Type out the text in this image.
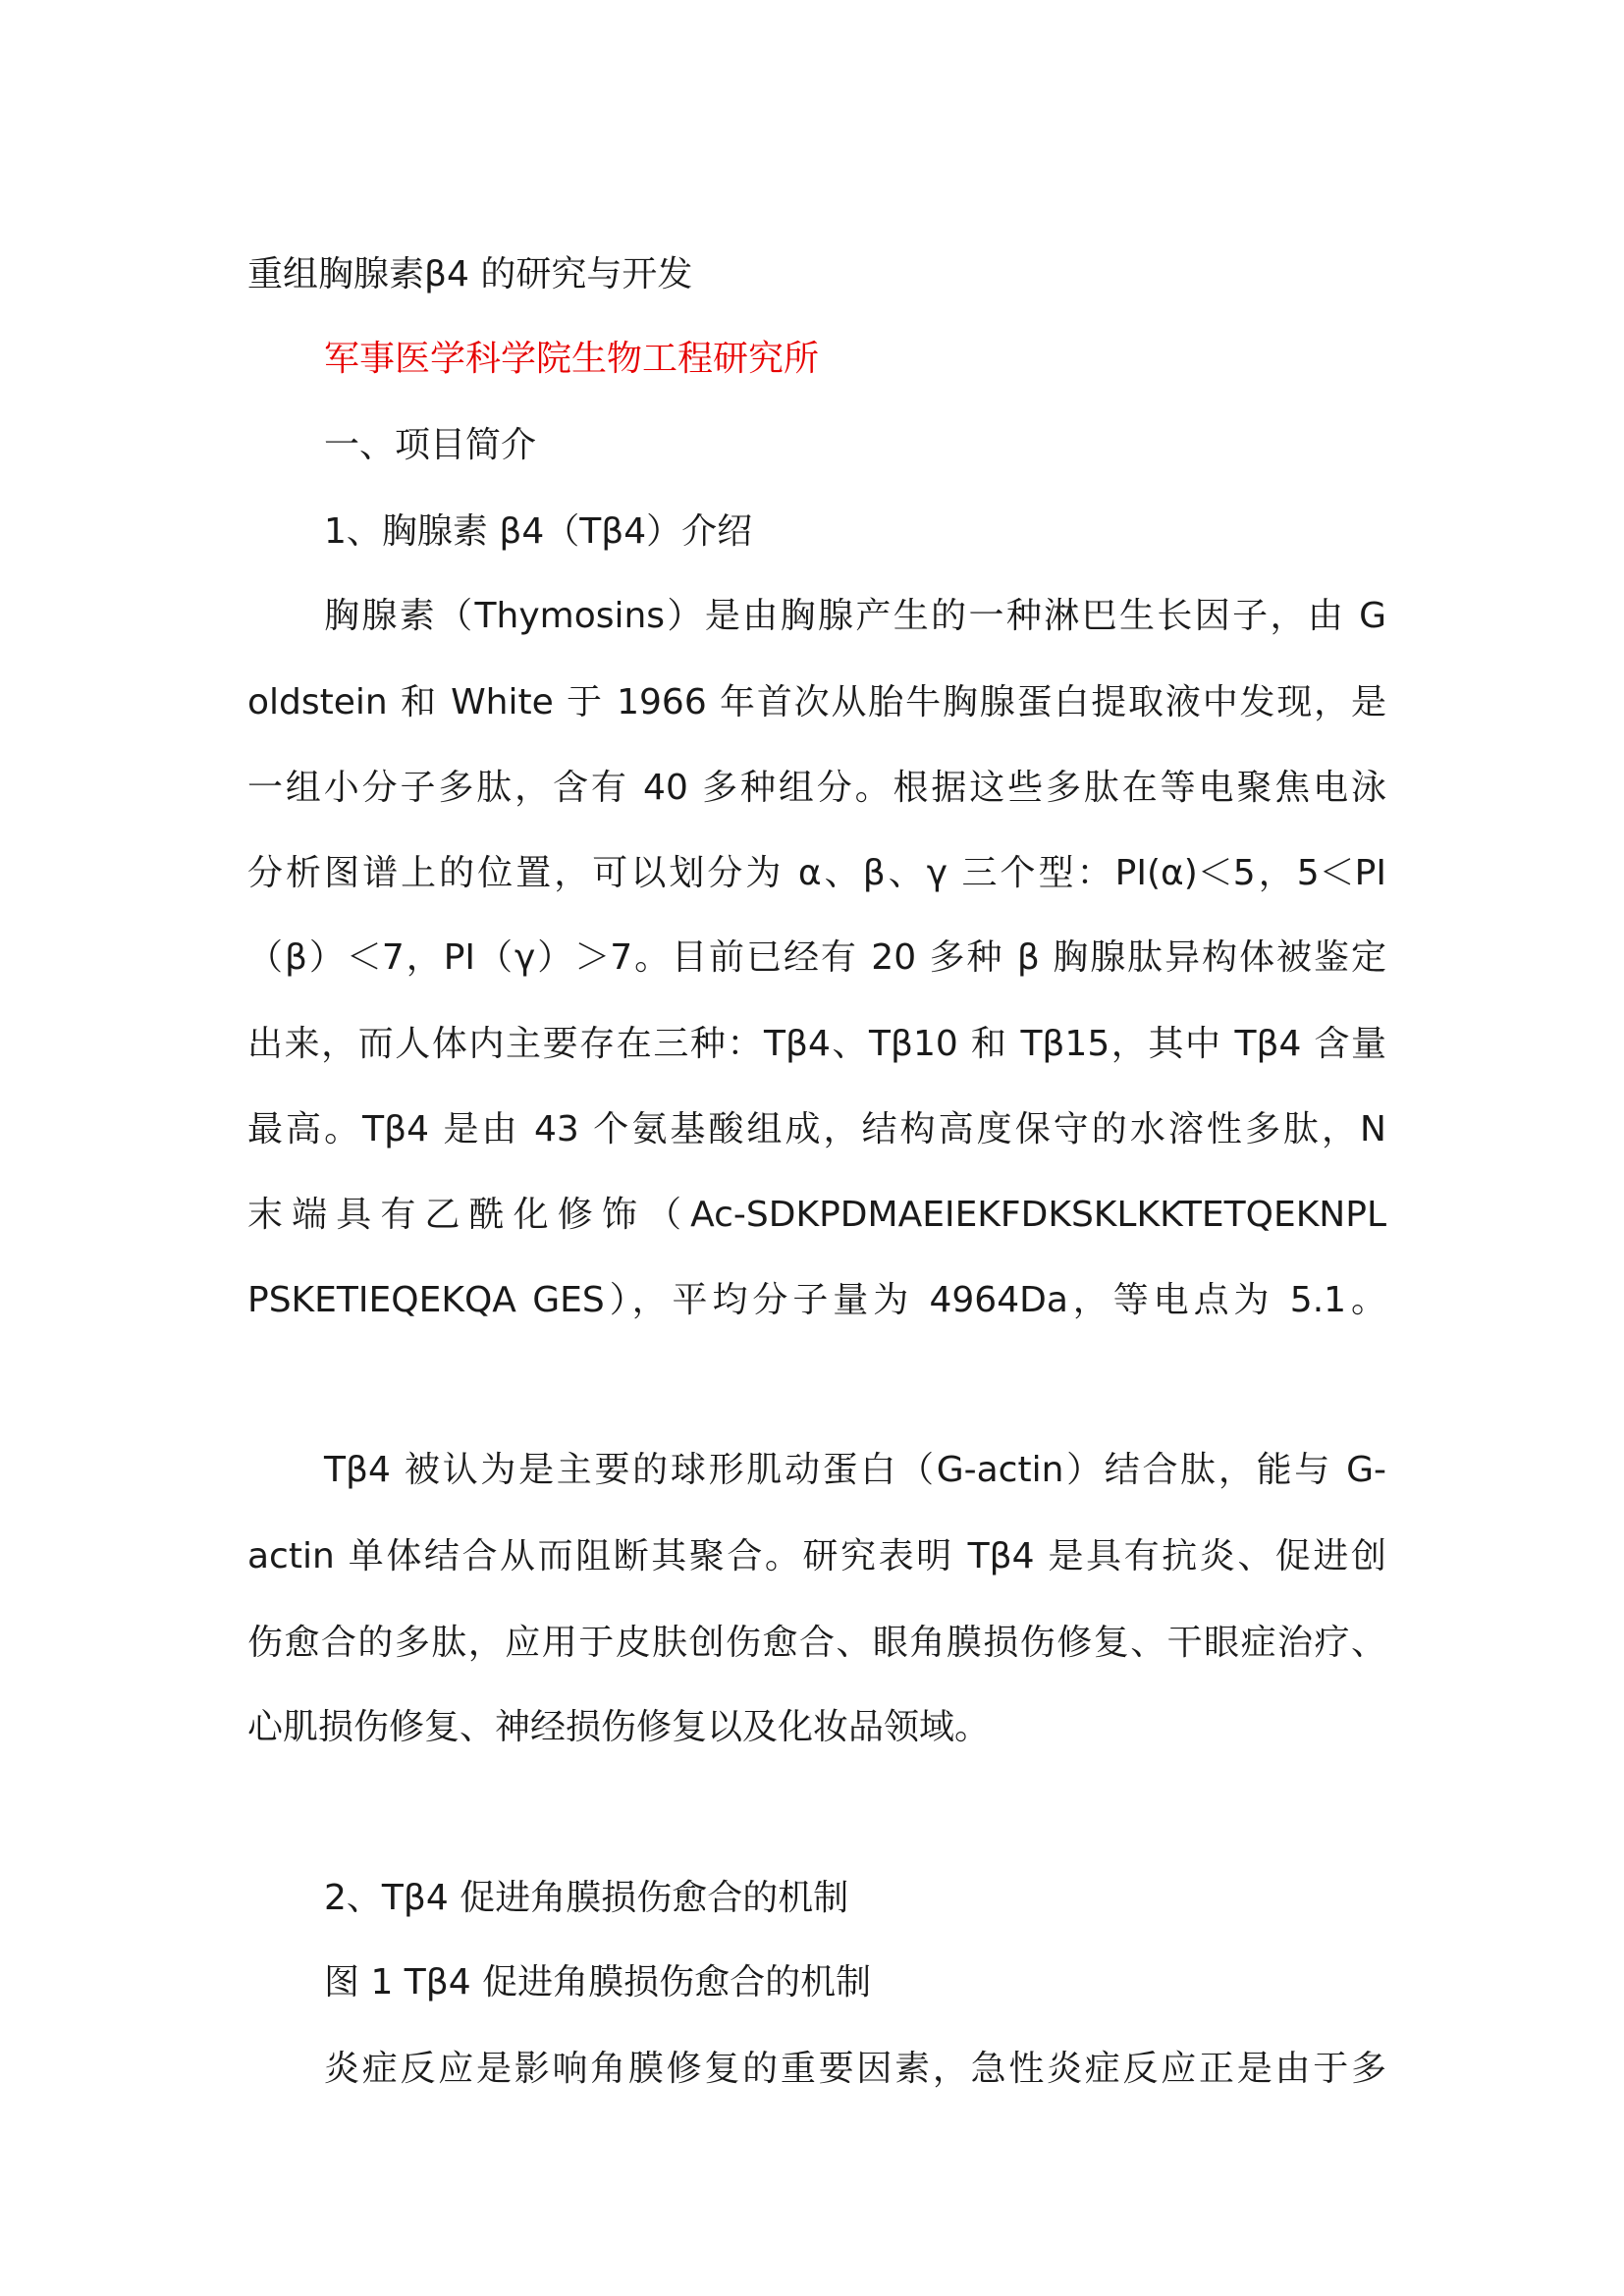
重组胸腺素β4 的研究与开发

军事医学科学院生物工程研究所

一、项目简介

1、胸腺素 β4（Tβ4）介绍

胸腺素（Thymosins）是由胸腺产生的一种淋巴生长因子，由 G

oldstein 和 White 于 1966 年首次从胎牛胸腺蛋白提取液中发现，是

一组小分子多肽，含有 40 多种组分。根据这些多肽在等电聚焦电泳

分析图谱上的位置，可以划分为 α、β、γ 三个型：PI(α)＜5，5＜PI

（β）＜7，PI（γ）＞7。目前已经有 20 多种 β 胸腺肽异构体被鉴定

出来，而人体内主要存在三种：Tβ4、Tβ10 和 Tβ15，其中 Tβ4 含量

最高。Tβ4 是由 43 个氨基酸组成，结构高度保守的水溶性多肽，N

末端具有乙酰化修饰（Ac-SDKPDMAEIEKFDKSKLKKTETQEKNPL

PSKETIEQEKQA GES），平均分子量为 4964Da，等电点为 5.1。

Tβ4 被认为是主要的球形肌动蛋白（G-actin）结合肽，能与 G-

actin 单体结合从而阻断其聚合。研究表明 Tβ4 是具有抗炎、促进创

伤愈合的多肽，应用于皮肤创伤愈合、眼角膜损伤修复、干眼症治疗、

心肌损伤修复、神经损伤修复以及化妆品领域。

2、Tβ4 促进角膜损伤愈合的机制

图 1 Tβ4 促进角膜损伤愈合的机制

炎症反应是影响角膜修复的重要因素，急性炎症反应正是由于多
